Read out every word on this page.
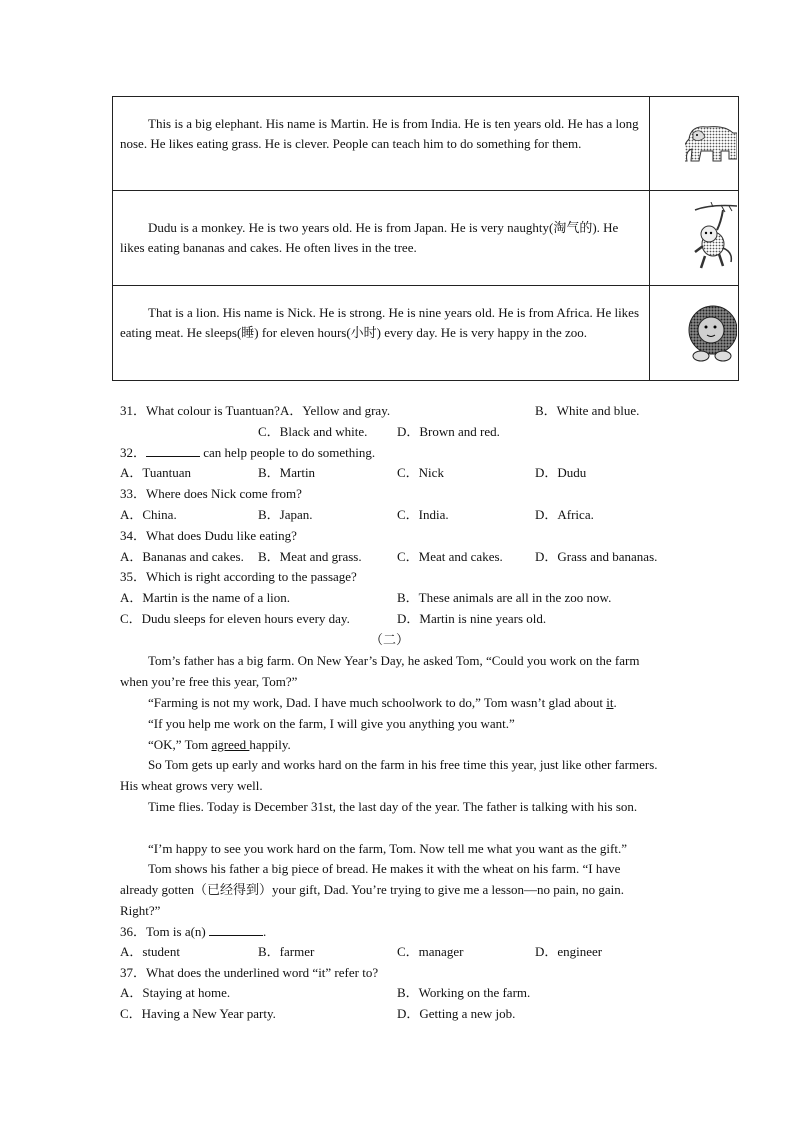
This is a big elephant. His name is Martin. He is from India. He is ten years old. He has a long nose. He likes eating grass. He is clever. People can teach him to do something for them.

Dudu is a monkey. He is two years old. He is from Japan. He is very naughty(淘气的). He likes eating bananas and cakes. He often lives in the tree.

That is a lion. His name is Nick. He is strong. He is nine years old. He is from Africa. He likes eating meat. He sleeps(睡) for eleven hours(小时) every day. He is very happy in the zoo.

31．What colour is Tuantuan?A．Yellow and gray.	B．White and blue.
C．Black and white. D．Brown and red.
32．	can help people to do something.
A．Tuantuan	B．Martin	C．Nick	D．Dudu
33．Where does Nick come from?
A．China.	B．Japan.	C．India.	D．Africa.
34．What does Dudu like eating?
A．Bananas and cakes. B．Meat and grass.	C．Meat and cakes. D．Grass and bananas.
35．Which is right according to the passage?
A．Martin is the name of a lion.	B．These animals are all in the zoo now.
C．Dudu sleeps for eleven hours every day.	D．Martin is nine years old.
（二）
Tom’s father has a big farm. On New Year’s Day, he asked Tom, “Could you work on the farm when you’re free this year, Tom?”
“Farming is not my work, Dad. I have much schoolwork to do,” Tom wasn’t glad about it.
“If you help me work on the farm, I will give you anything you want.”
“OK,” Tom agreed happily.
So Tom gets up early and works hard on the farm in his free time this year, just like other farmers. His wheat grows very well.
Time flies. Today is December 31st, the last day of the year. The father is talking with his son.
“I’m happy to see you work hard on the farm, Tom. Now tell me what you want as the gift.”
Tom shows his father a big piece of bread. He makes it with the wheat on his farm. “I have already gotten（已经得到）your gift, Dad. You’re trying to give me a lesson—no pain, no gain. Right?”
36．Tom is a(n)	.
A．student	B．farmer	C．manager	D．engineer
37．What does the underlined word “it” refer to?
A．Staying at home.	B．Working on the farm.
C．Having a New Year party.	D．Getting a new job.
